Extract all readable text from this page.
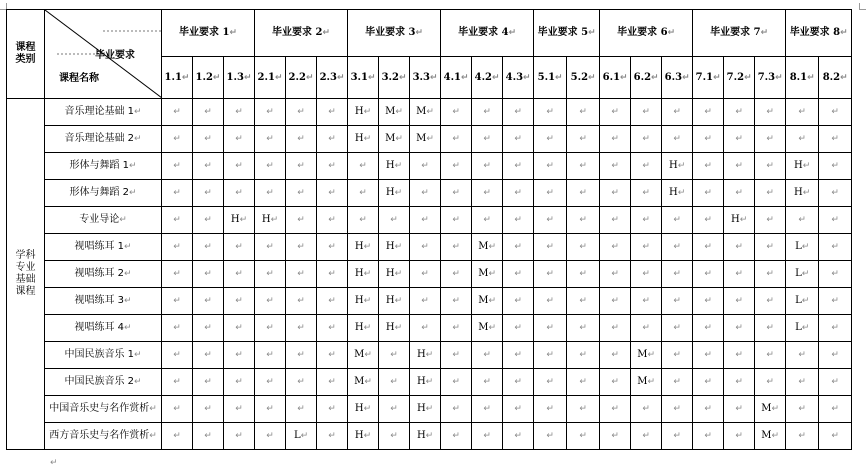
课程
类别	毕业要求
课程名称	毕业要求 1↵			毕业要求 2↵			毕业要求 3↵			毕业要求 4↵			毕业要求 5↵		毕业要求 6↵			毕业要求 7↵			毕业要求 8↵	
		1.1↵	1.2↵	1.3↵	2.1↵	2.2↵	2.3↵	3.1↵	3.2↵	3.3↵	4.1↵	4.2↵	4.3↵	5.1↵	5.2↵	6.1↵	6.2↵	6.3↵	7.1↵	7.2↵	7.3↵	8.1↵	8.2↵
学科
专业
基础
课程	音乐理论基础 1↵	↵	↵	↵	↵	↵	↵	H↵	M↵	M↵	↵	↵	↵	↵	↵	↵	↵	↵	↵	↵	↵	↵	↵
	音乐理论基础 2↵	↵	↵	↵	↵	↵	↵	H↵	M↵	M↵	↵	↵	↵	↵	↵	↵	↵	↵	↵	↵	↵	↵	↵
	形体与舞蹈 1↵	↵	↵	↵	↵	↵	↵	↵	H↵	↵	↵	↵	↵	↵	↵	↵	↵	H↵	↵	↵	↵	H↵	↵
	形体与舞蹈 2↵	↵	↵	↵	↵	↵	↵	↵	H↵	↵	↵	↵	↵	↵	↵	↵	↵	H↵	↵	↵	↵	H↵	↵
	专业导论↵	↵	↵	H↵	H↵	↵	↵	↵	↵	↵	↵	↵	↵	↵	↵	↵	↵	↵	↵	H↵	↵	↵	↵
	视唱练耳 1↵	↵	↵	↵	↵	↵	↵	H↵	H↵	↵	↵	M↵	↵	↵	↵	↵	↵	↵	↵	↵	↵	L↵	↵
	视唱练耳 2↵	↵	↵	↵	↵	↵	↵	H↵	H↵	↵	↵	M↵	↵	↵	↵	↵	↵	↵	↵	↵	↵	L↵	↵
	视唱练耳 3↵	↵	↵	↵	↵	↵	↵	H↵	H↵	↵	↵	M↵	↵	↵	↵	↵	↵	↵	↵	↵	↵	L↵	↵
	视唱练耳 4↵	↵	↵	↵	↵	↵	↵	H↵	H↵	↵	↵	M↵	↵	↵	↵	↵	↵	↵	↵	↵	↵	L↵	↵
	中国民族音乐 1↵	↵	↵	↵	↵	↵	↵	M↵	↵	H↵	↵	↵	↵	↵	↵	↵	M↵	↵	↵	↵	↵	↵	↵
	中国民族音乐 2↵	↵	↵	↵	↵	↵	↵	M↵	↵	H↵	↵	↵	↵	↵	↵	↵	M↵	↵	↵	↵	↵	↵	↵
	中国音乐史与名作赏析↵	↵	↵	↵	↵	↵	↵	H↵	↵	H↵	↵	↵	↵	↵	↵	↵	↵	↵	↵	↵	M↵	↵	↵
	西方音乐史与名作赏析↵	↵	↵	↵	↵	L↵	↵	H↵	↵	H↵	↵	↵	↵	↵	↵	↵	↵	↵	↵	↵	M↵	↵	↵
↵
